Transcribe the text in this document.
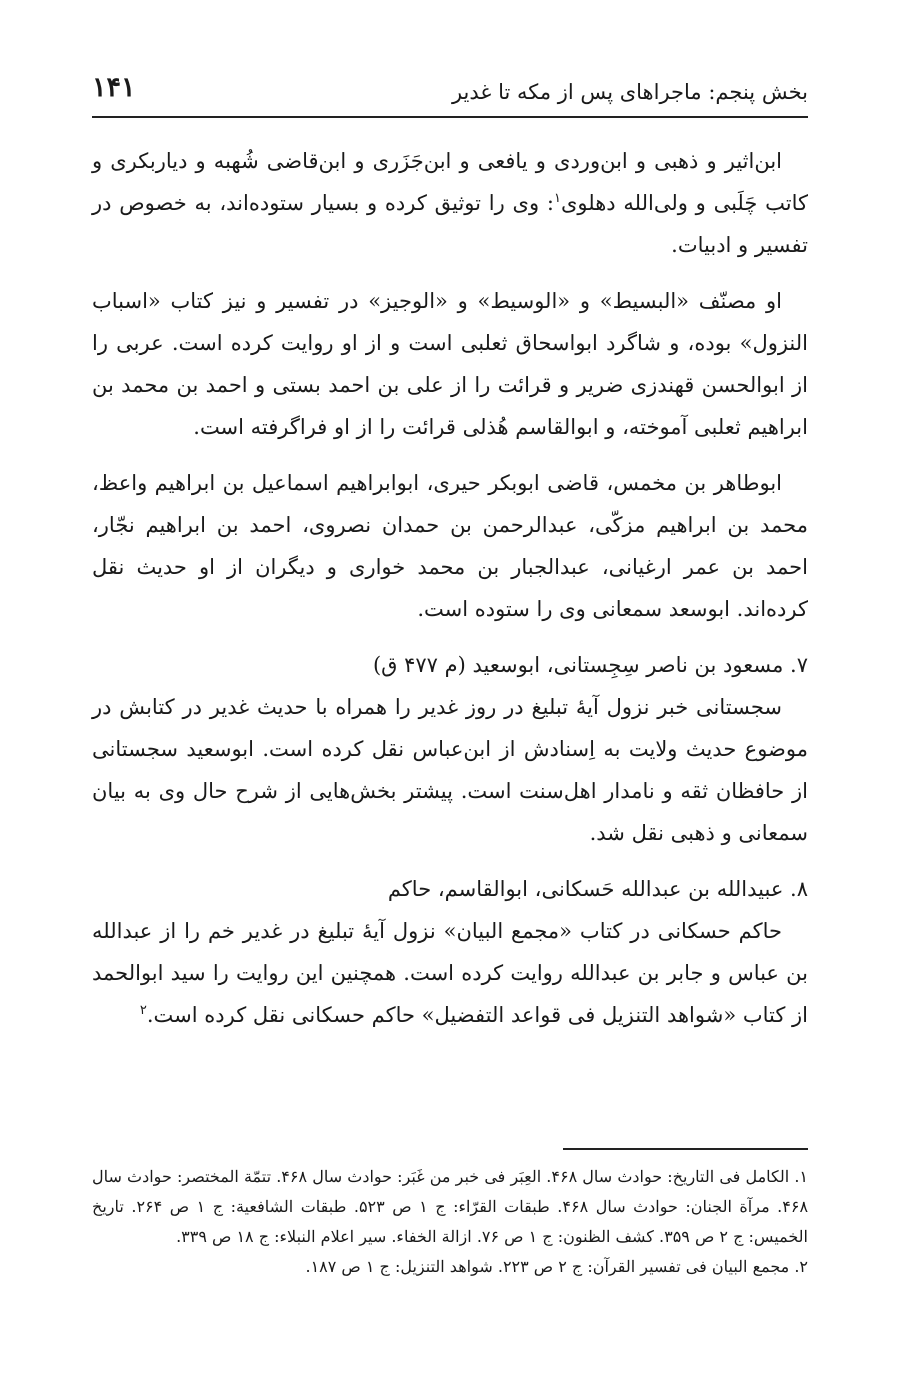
بخش پنجم: ماجراهای پس از مکه تا غدیر
۱۴۱

ابن‌اثیر و ذهبی و ابن‌وردی و یافعی و ابن‌جَزَری و ابن‌قاضی شُهبه و دیاربکری و کاتب چَلَبی و ولی‌الله دهلوی$^۱$: وی را توثیق کرده و بسیار ستوده‌اند، به خصوص در تفسیر و ادبیات.

او مصنّف «البسیط» و «الوسیط» و «الوجیز» در تفسیر و نیز کتاب «اسباب النزول» بوده، و شاگرد ابواسحاق ثعلبی است و از او روایت کرده است. عربی را از ابوالحسن قهندزی ضریر و قرائت را از علی بن احمد بستی و احمد بن محمد بن ابراهیم ثعلبی آموخته، و ابوالقاسم هُذلی قرائت را از او فراگرفته است.

ابوطاهر بن مخمس، قاضی ابوبکر حیری، ابوابراهیم اسماعیل بن ابراهیم واعظ، محمد بن ابراهیم مزکّی، عبدالرحمن بن حمدان نصروی، احمد بن ابراهیم نجّار، احمد بن عمر ارغیانی، عبدالجبار بن محمد خواری و دیگران از او حدیث نقل کرده‌اند. ابوسعد سمعانی وی را ستوده است.

۷. مسعود بن ناصر سِجِستانی، ابوسعید (م ۴۷۷ ق)

سجستانی خبر نزول آیهٔ تبلیغ در روز غدیر را همراه با حدیث غدیر در کتابش در موضوع حدیث ولایت به اِسنادش از ابن‌عباس نقل کرده است. ابوسعید سجستانی از حافظان ثقه و نامدار اهل‌سنت است. پیشتر بخش‌هایی از شرح حال وی به بیان سمعانی و ذهبی نقل شد.

۸. عبیدالله بن عبدالله حَسکانی، ابوالقاسم، حاکم

حاکم حسکانی در کتاب «مجمع البیان» نزول آیهٔ تبلیغ در غدیر خم را از عبدالله بن عباس و جابر بن عبدالله روایت کرده است. همچنین این روایت را سید ابوالحمد از کتاب «شواهد التنزیل فی قواعد التفضیل» حاکم حسکانی نقل کرده است.$^۲$

۱. الکامل فی التاریخ: حوادث سال ۴۶۸. العِبَر فی خبر من غَبَر: حوادث سال ۴۶۸. تتمّة المختصر: حوادث سال ۴۶۸. مرآة الجنان: حوادث سال ۴۶۸. طبقات القرّاء: ج ۱ ص ۵۲۳. طبقات الشافعیة: ج ۱ ص ۲۶۴. تاریخ الخمیس: ج ۲ ص ۳۵۹. کشف الظنون: ج ۱ ص ۷۶. ازالة الخفاء. سیر اعلام النبلاء: ج ۱۸ ص ۳۳۹.

۲. مجمع البیان فی تفسیر القرآن: ج ۲ ص ۲۲۳. شواهد التنزیل: ج ۱ ص ۱۸۷.
